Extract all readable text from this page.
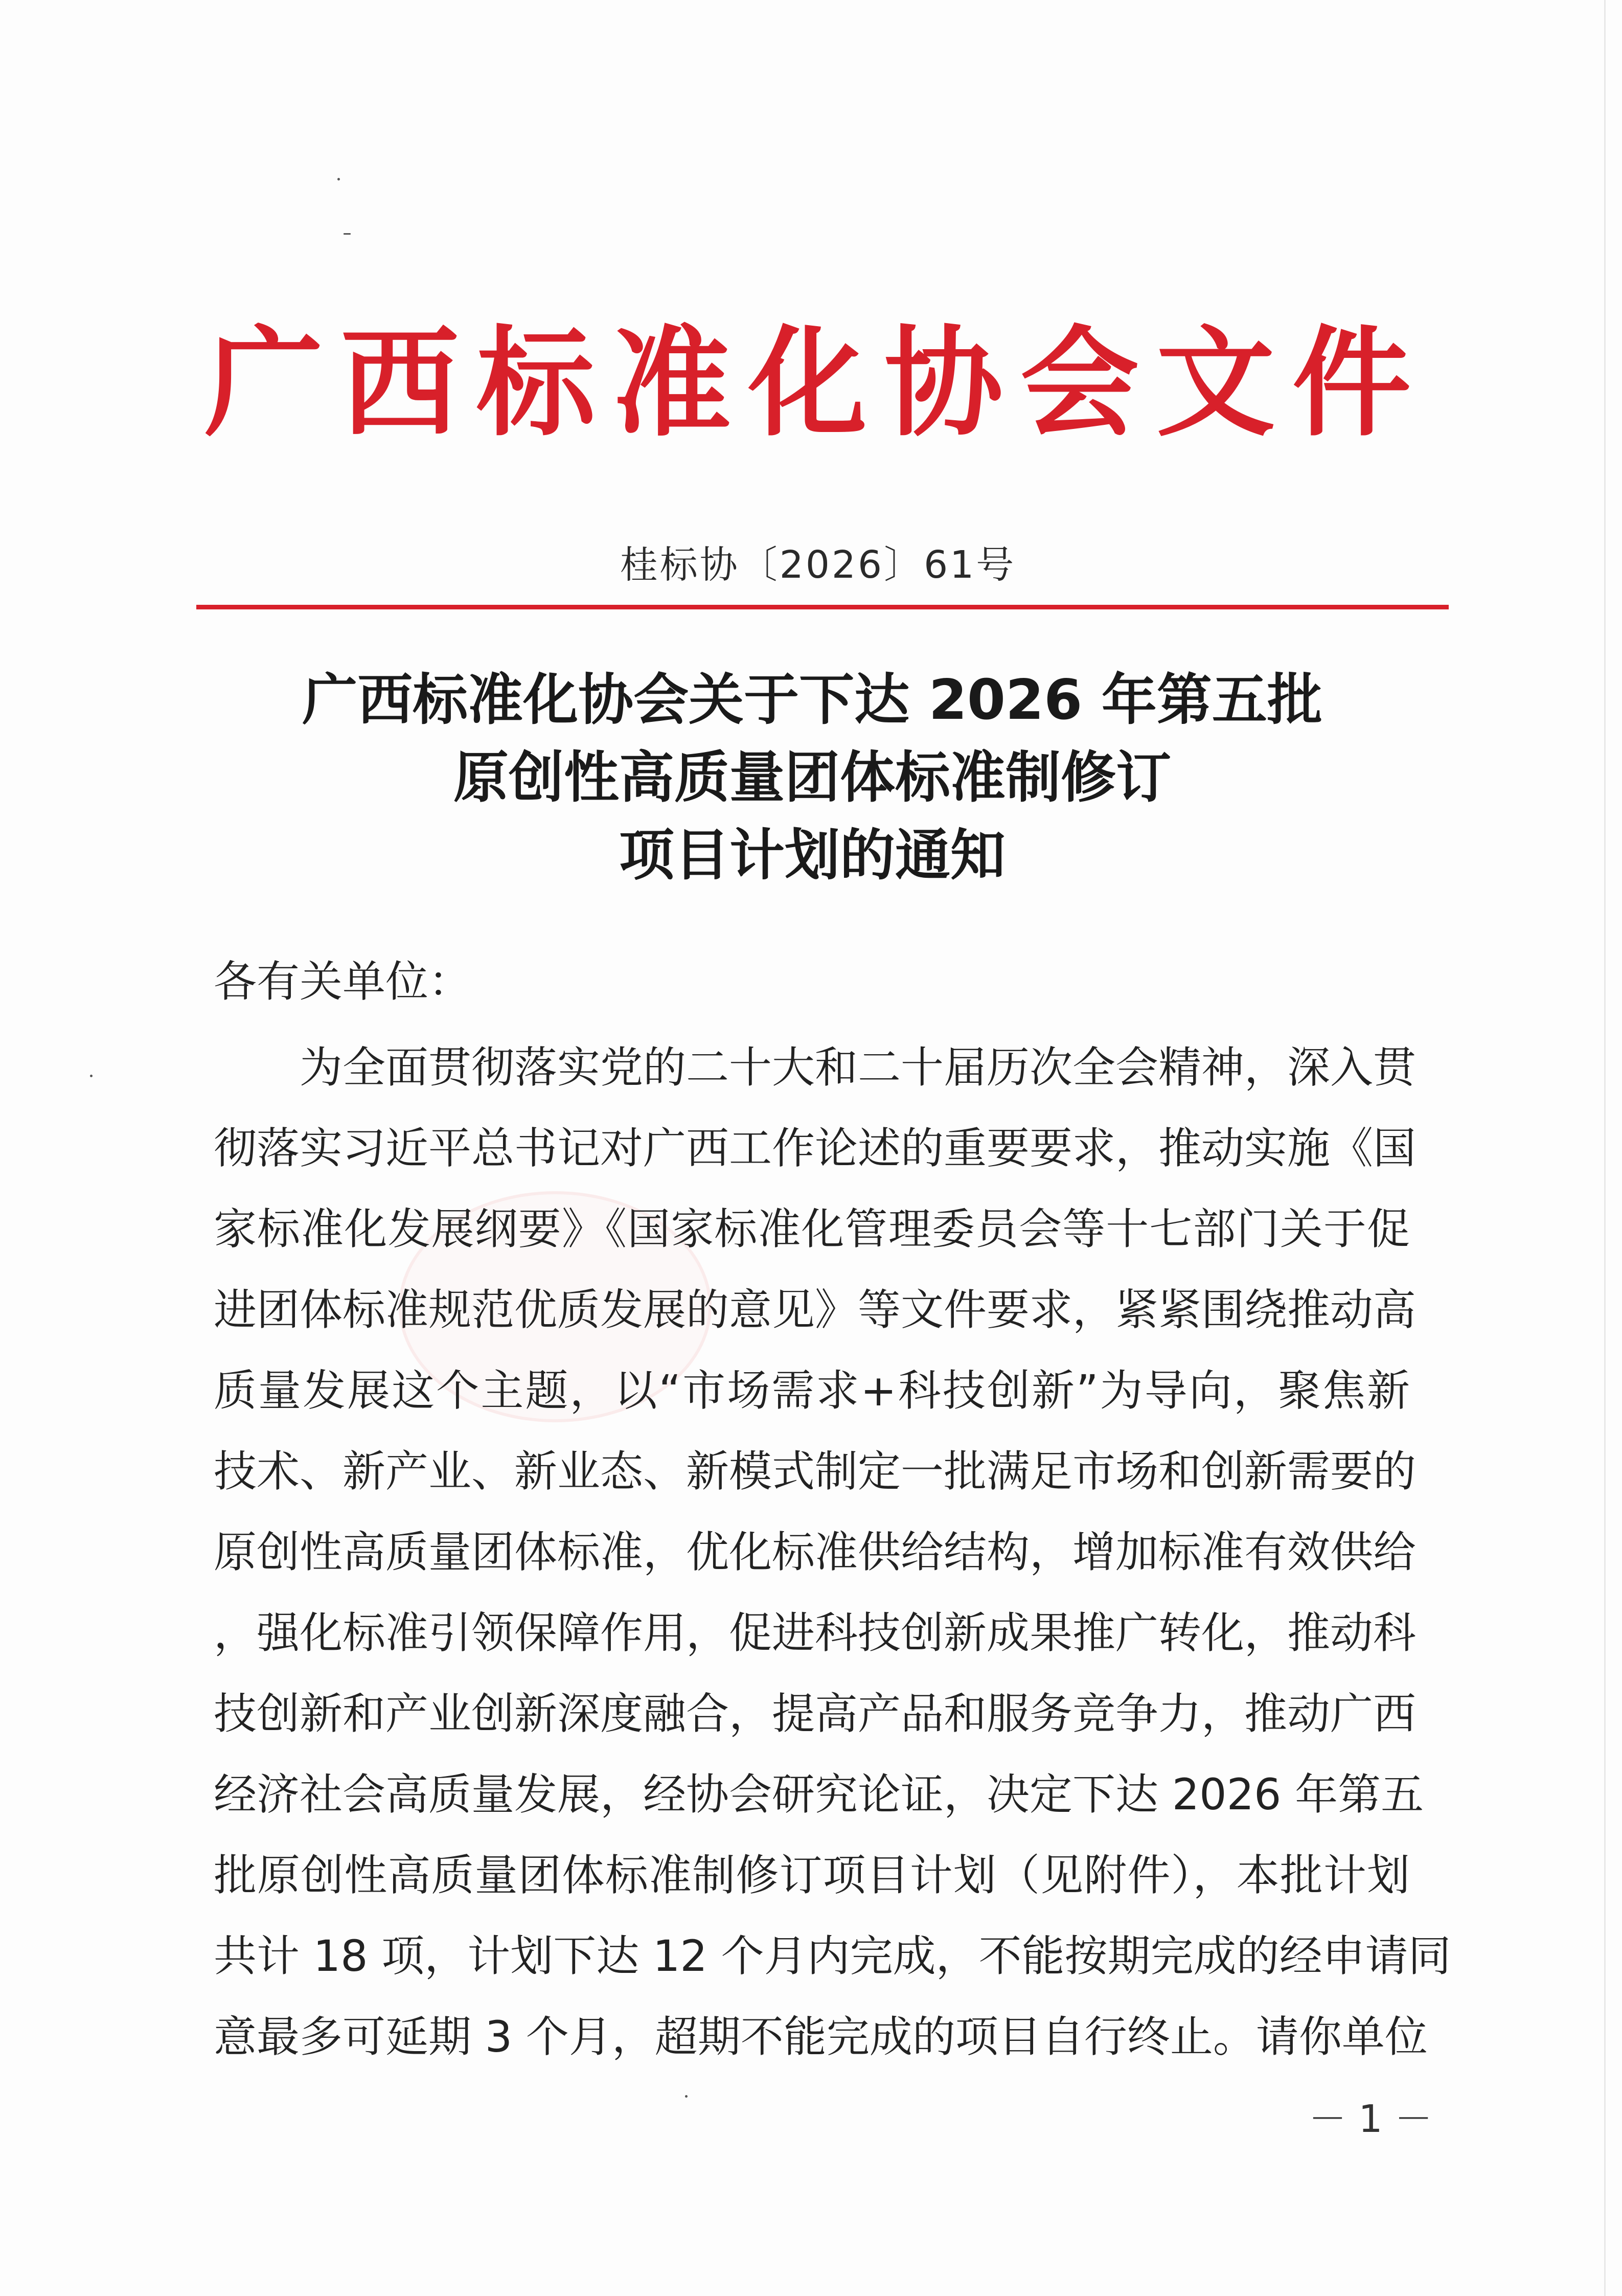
广西标准化协会文件
桂标协〔2026〕61号
广西标准化协会关于下达 2026 年第五批
原创性高质量团体标准制修订
项目计划的通知
各有关单位：
为全面贯彻落实党的二十大和二十届历次全会精神，深入贯
彻落实习近平总书记对广西工作论述的重要要求，推动实施《国
家标准化发展纲要》《国家标准化管理委员会等十七部门关于促
进团体标准规范优质发展的意见》等文件要求，紧紧围绕推动高
质量发展这个主题，以“市场需求+科技创新”为导向，聚焦新
技术、新产业、新业态、新模式制定一批满足市场和创新需要的
原创性高质量团体标准，优化标准供给结构，增加标准有效供给
，强化标准引领保障作用，促进科技创新成果推广转化，推动科
技创新和产业创新深度融合，提高产品和服务竞争力，推动广西
经济社会高质量发展，经协会研究论证，决定下达 2026 年第五
批原创性高质量团体标准制修订项目计划（见附件），本批计划
共计 18 项，计划下达 12 个月内完成，不能按期完成的经申请同
意最多可延期 3 个月，超期不能完成的项目自行终止。请你单位
－ 1 －
